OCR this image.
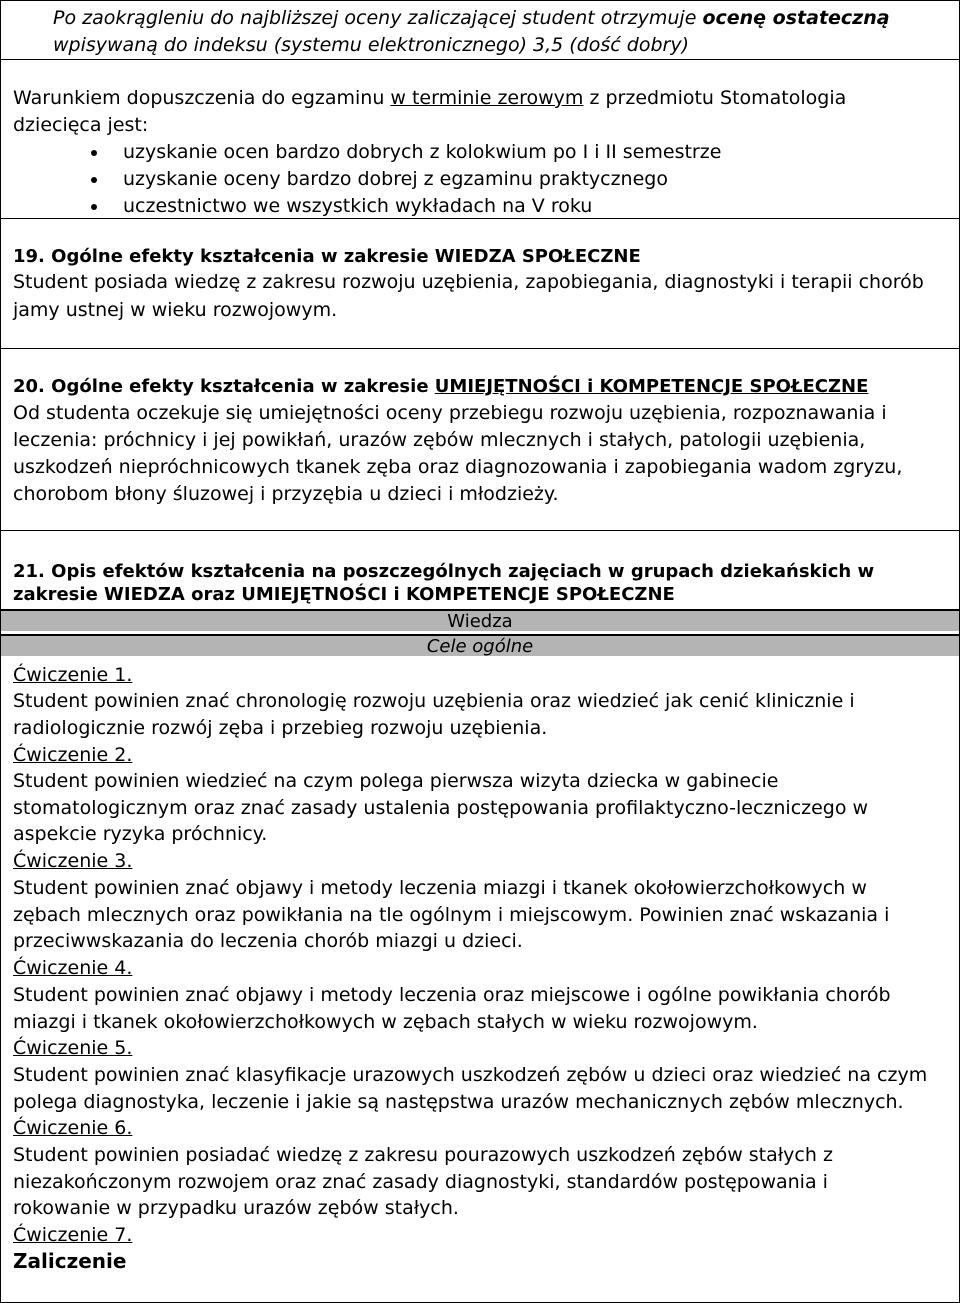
Po zaokrągleniu do najbliższej oceny zaliczającej student otrzymuje ocenę ostateczną
wpisywaną do indeksu (systemu elektronicznego) 3,5 (dość dobry)
Warunkiem dopuszczenia do egzaminu w terminie zerowym z przedmiotu Stomatologia
dziecięca jest:
uzyskanie ocen bardzo dobrych z kolokwium po I i II semestrze
uzyskanie oceny bardzo dobrej z egzaminu praktycznego
uczestnictwo we wszystkich wykładach na V roku
19. Ogólne efekty kształcenia w zakresie WIEDZA SPOŁECZNE
Student posiada wiedzę z zakresu rozwoju uzębienia, zapobiegania, diagnostyki i terapii chorób
jamy ustnej w wieku rozwojowym.
20. Ogólne efekty kształcenia w zakresie UMIEJĘTNOŚCI i KOMPETENCJE SPOŁECZNE
Od studenta oczekuje się umiejętności oceny przebiegu rozwoju uzębienia, rozpoznawania i
leczenia: próchnicy i jej powikłań, urazów zębów mlecznych i stałych, patologii uzębienia,
uszkodzeń niepróchnicowych tkanek zęba oraz diagnozowania i zapobiegania wadom zgryzu,
chorobom błony śluzowej i przyzębia u dzieci i młodzieży.
21. Opis efektów kształcenia na poszczególnych zajęciach w grupach dziekańskich w
zakresie WIEDZA oraz UMIEJĘTNOŚCI i KOMPETENCJE SPOŁECZNE
Wiedza
Cele ogólne
Ćwiczenie 1.
Student powinien znać chronologię rozwoju uzębienia oraz wiedzieć jak cenić klinicznie i
radiologicznie rozwój zęba i przebieg rozwoju uzębienia.
Ćwiczenie 2.
Student powinien wiedzieć na czym polega pierwsza wizyta dziecka w gabinecie
stomatologicznym oraz znać zasady ustalenia postępowania profilaktyczno-leczniczego w
aspekcie ryzyka próchnicy.
Ćwiczenie 3.
Student powinien znać objawy i metody leczenia miazgi i tkanek okołowierzchołkowych w
zębach mlecznych oraz powikłania na tle ogólnym i miejscowym. Powinien znać wskazania i
przeciwwskazania do leczenia chorób miazgi u dzieci.
Ćwiczenie 4.
Student powinien znać objawy i metody leczenia oraz miejscowe i ogólne powikłania chorób
miazgi i tkanek okołowierzchołkowych w zębach stałych w wieku rozwojowym.
Ćwiczenie 5.
Student powinien znać klasyfikacje urazowych uszkodzeń zębów u dzieci oraz wiedzieć na czym
polega diagnostyka, leczenie i jakie są następstwa urazów mechanicznych zębów mlecznych.
Ćwiczenie 6.
Student powinien posiadać wiedzę z zakresu pourazowych uszkodzeń zębów stałych z
niezakończonym rozwojem oraz znać zasady diagnostyki, standardów postępowania i
rokowanie w przypadku urazów zębów stałych.
Ćwiczenie 7.
Zaliczenie
